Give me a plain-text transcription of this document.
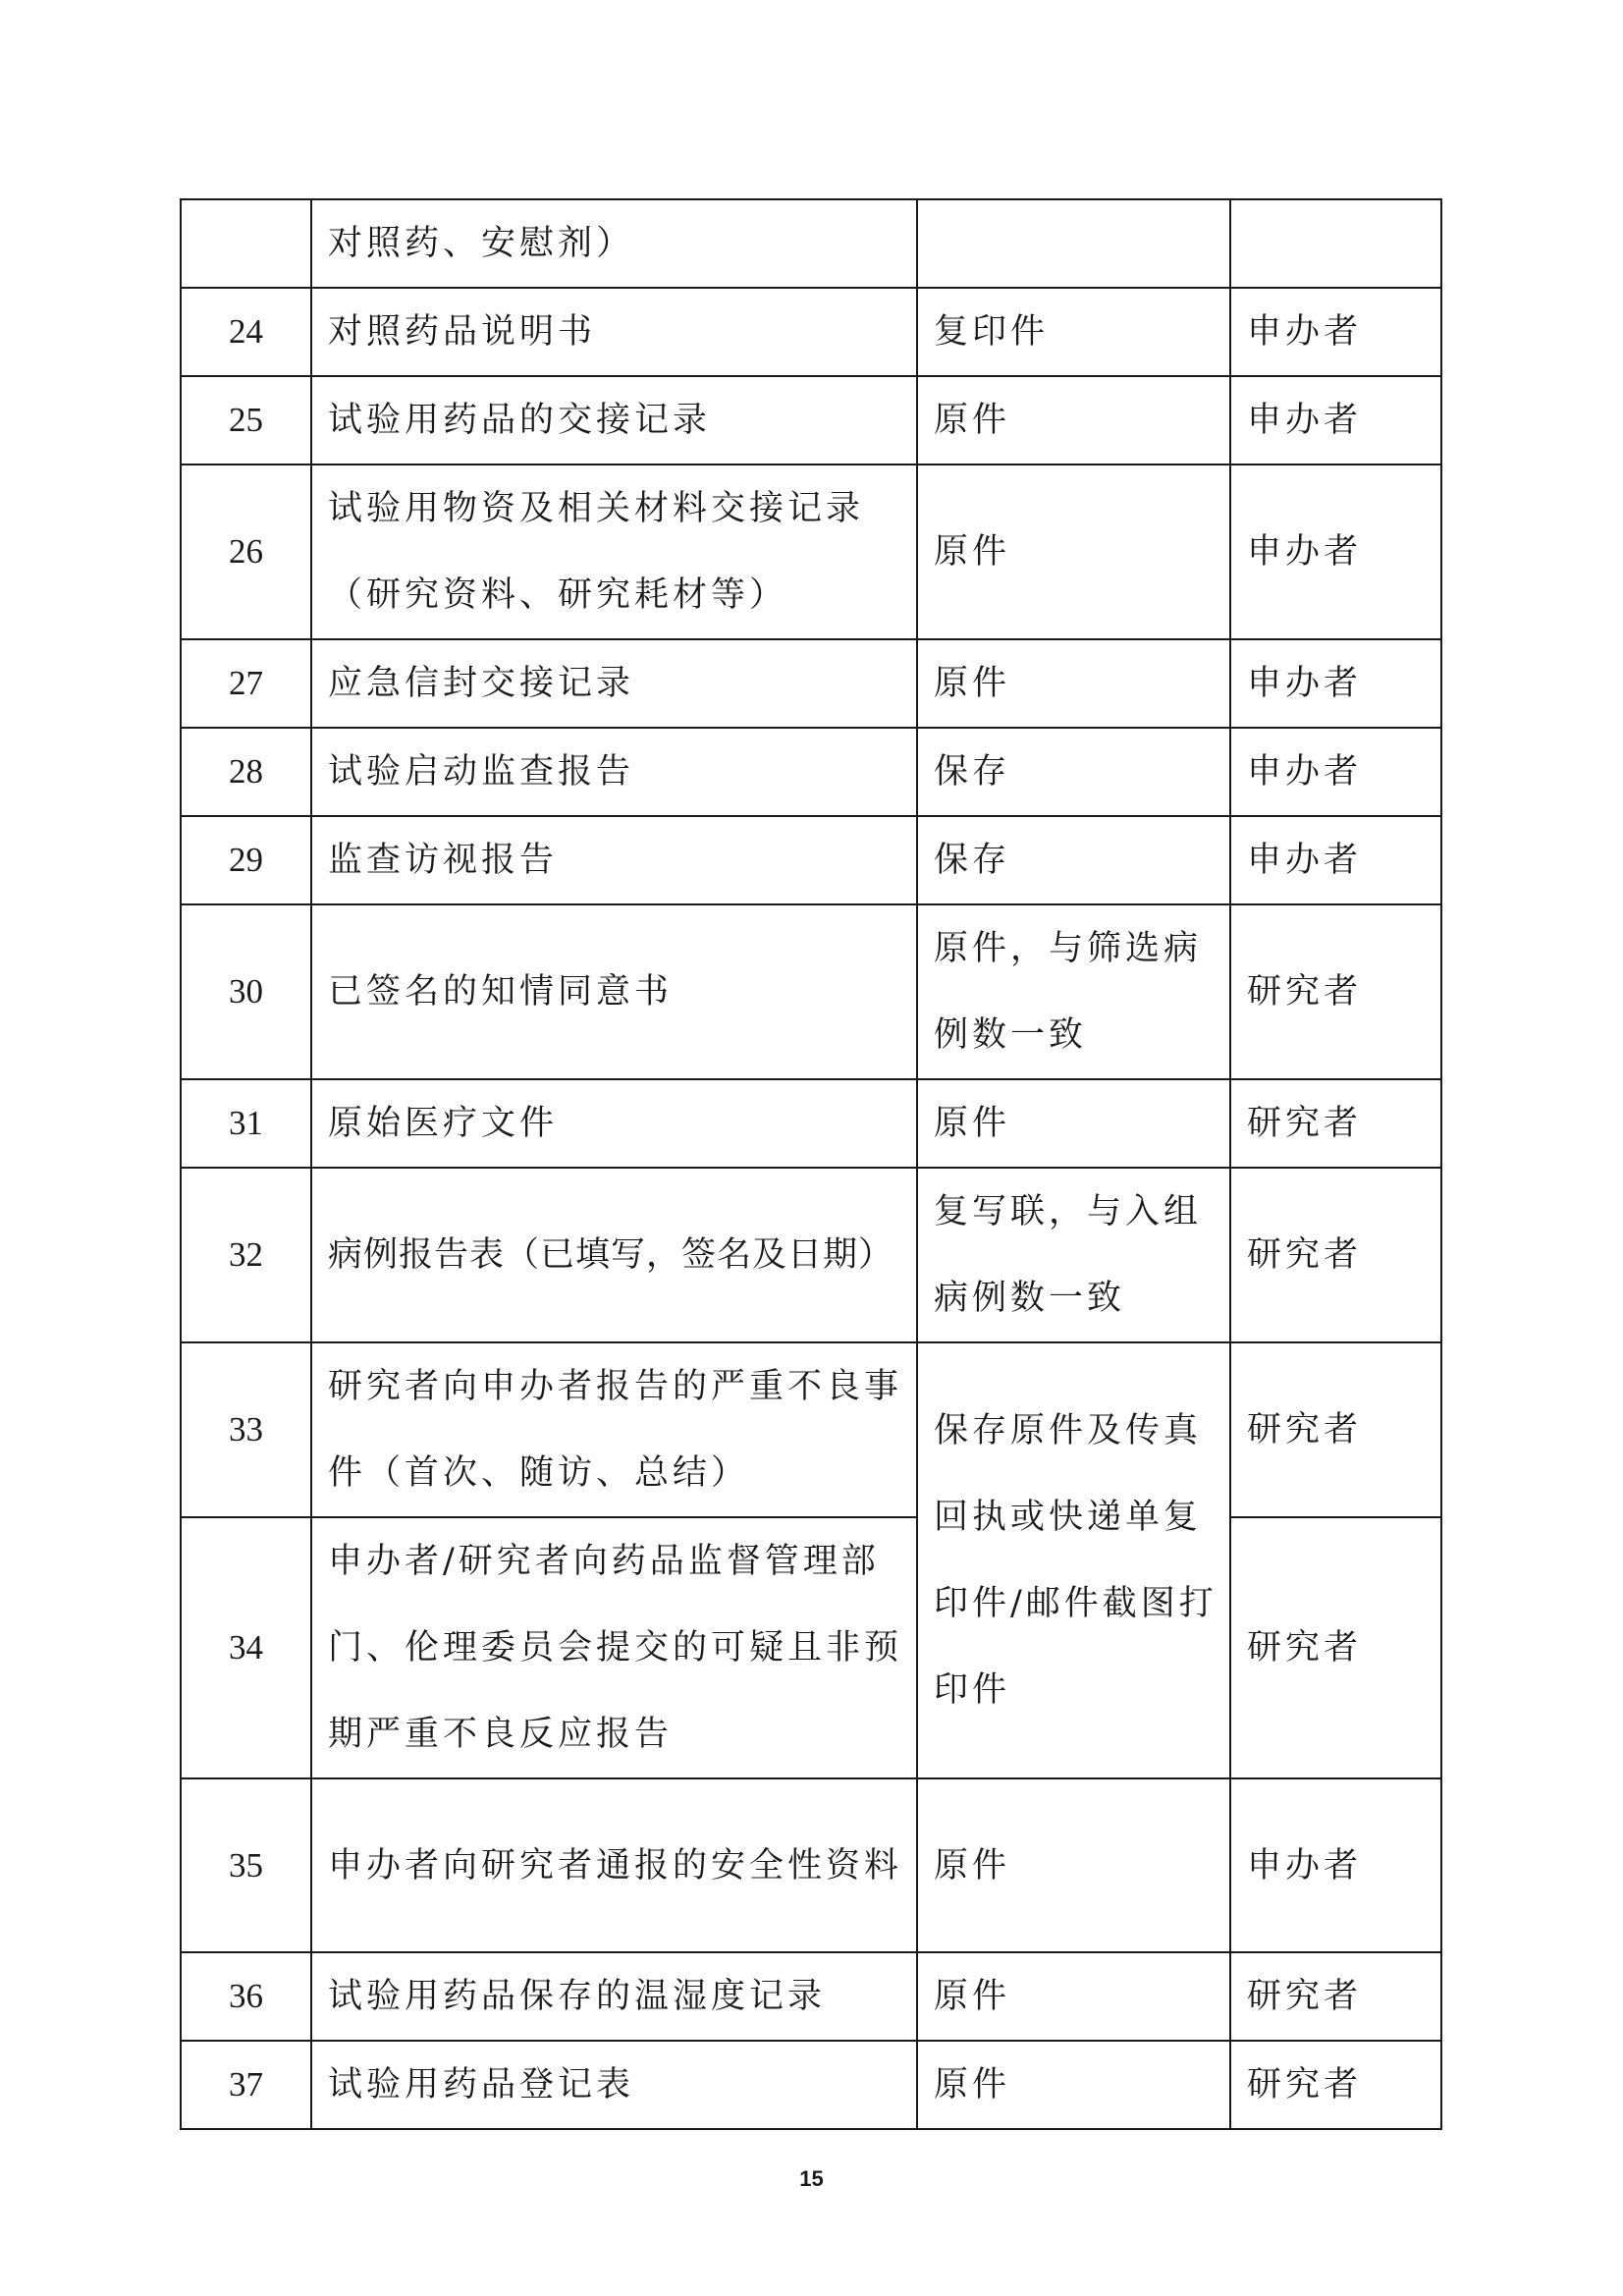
	对照药、安慰剂）		

24	对照药品说明书	复印件	申办者
25	试验用药品的交接记录	原件	申办者
26	试验用物资及相关材料交接记录（研究资料、研究耗材等）	原件	申办者
27	应急信封交接记录	原件	申办者
28	试验启动监查报告	保存	申办者
29	监查访视报告	保存	申办者
30	已签名的知情同意书	原件，与筛选病例数一致	研究者
31	原始医疗文件	原件	研究者
32	病例报告表（已填写，签名及日期）	复写联，与入组病例数一致	研究者
33	研究者向申办者报告的严重不良事件（首次、随访、总结）	保存原件及传真回执或快递单复印件/邮件截图打印件	研究者
34	申办者/研究者向药品监督管理部门、伦理委员会提交的可疑且非预期严重不良反应报告		研究者
35	申办者向研究者通报的安全性资料	原件	申办者
36	试验用药品保存的温湿度记录	原件	研究者
37	试验用药品登记表	原件	研究者
15
